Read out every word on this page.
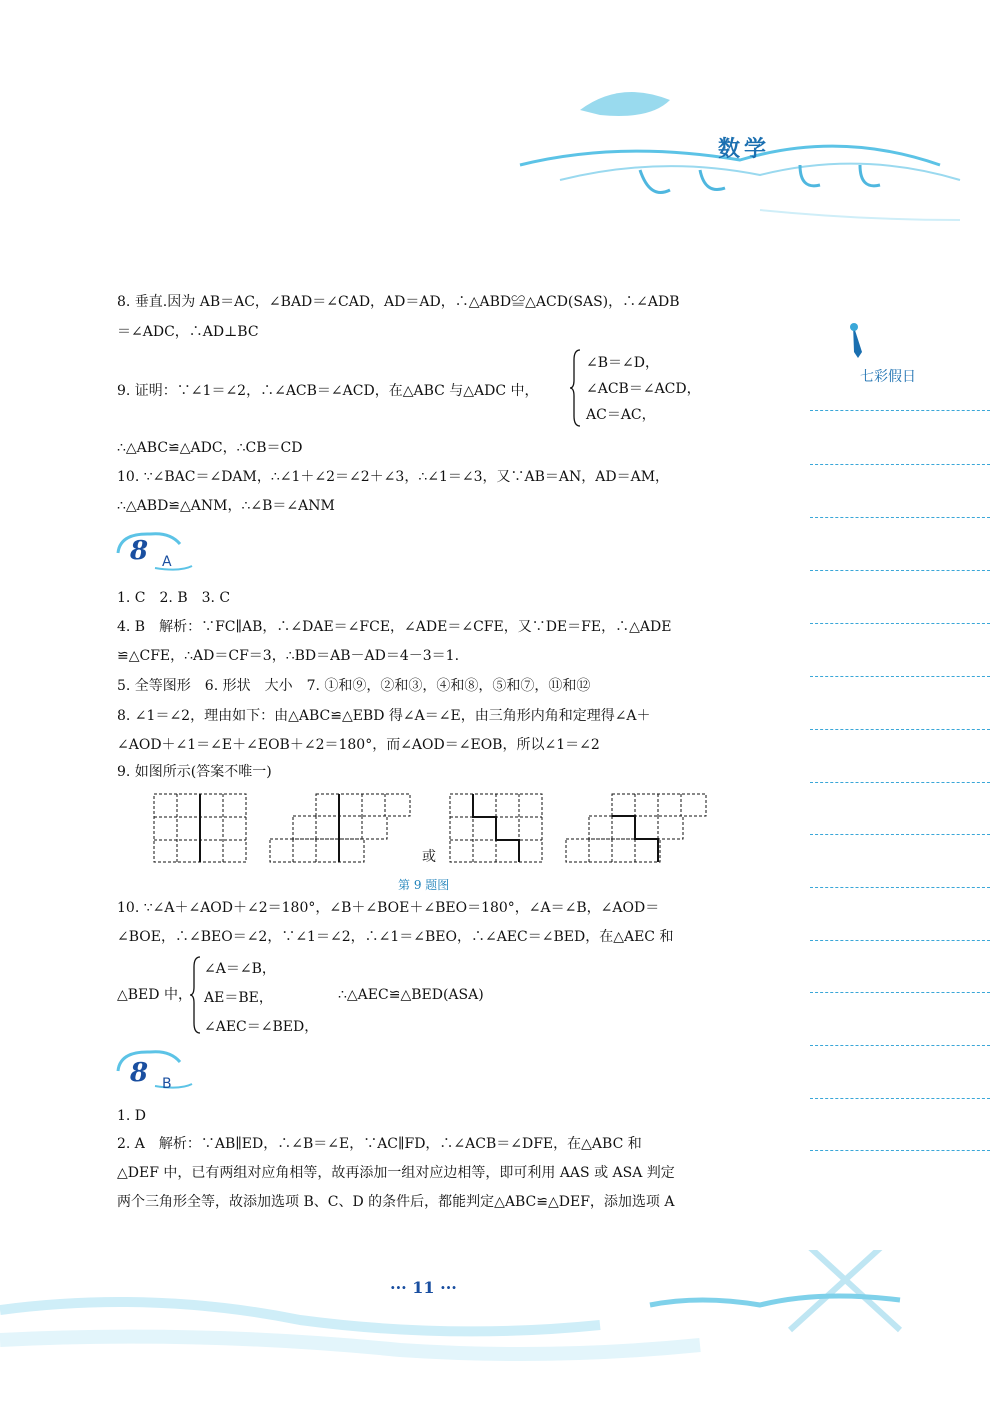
数学
七彩假日
8. 垂直.因为 AB＝AC，∠BAD＝∠CAD，AD＝AD，∴△ABD≌△ACD(SAS)，∴∠ADB
＝∠ADC，∴AD⊥BC
9. 证明：∵∠1＝∠2，∴∠ACB＝∠ACD，在△ABC 与△ADC 中，
∠B＝∠D，
∠ACB＝∠ACD，
AC＝AC，
∴△ABC≌△ADC，∴CB＝CD
10. ∵∠BAC＝∠DAM，∴∠1＋∠2＝∠2＋∠3，∴∠1＝∠3，又∵AB＝AN，AD＝AM，
∴△ABD≌△ANM，∴∠B＝∠ANM
8 A
1. C　2. B　3. C
4. B　解析：∵FC∥AB，∴∠DAE＝∠FCE，∠ADE＝∠CFE，又∵DE＝FE，∴△ADE
≌△CFE，∴AD＝CF＝3，∴BD＝AB－AD＝4－3＝1.
5. 全等图形　6. 形状　大小　7. ①和⑨，②和③，④和⑧，⑤和⑦，⑪和⑫
8. ∠1＝∠2，理由如下：由△ABC≌△EBD 得∠A＝∠E，由三角形内角和定理得∠A＋
∠AOD＋∠1＝∠E＋∠EOB＋∠2＝180°，而∠AOD＝∠EOB，所以∠1＝∠2
9. 如图所示(答案不唯一)
或
第 9 题图
10. ∵∠A＋∠AOD＋∠2＝180°，∠B＋∠BOE＋∠BEO＝180°，∠A＝∠B，∠AOD＝
∠BOE，∴∠BEO＝∠2，∵∠1＝∠2，∴∠1＝∠BEO，∴∠AEC＝∠BED，在△AEC 和
△BED 中，
∠A＝∠B，
AE＝BE，
∠AEC＝∠BED，
∴△AEC≌△BED(ASA)
8 B
1. D
2. A　解析：∵AB∥ED，∴∠B＝∠E，∵AC∥FD，∴∠ACB＝∠DFE，在△ABC 和
△DEF 中，已有两组对应角相等，故再添加一组对应边相等，即可利用 AAS 或 ASA 判定
两个三角形全等，故添加选项 B、C、D 的条件后，都能判定△ABC≌△DEF，添加选项 A
··· 11 ···
